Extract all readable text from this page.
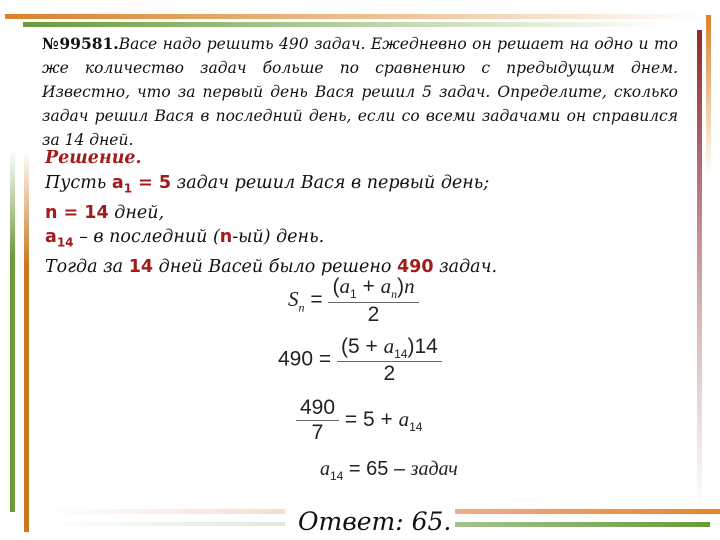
№99581.Васе надо решить 490 задач. Ежедневно он решает на одно и то же количество задач больше по сравнению с предыдущим днем. Известно, что за первый день Вася решил 5 задач. Определите, сколько задач решил Вася в последний день, если со всеми задачами он справился за 14 дней.
Решение.
Пусть $a_1 = 5$ задач решил Вася в первый день;
n = 14 дней,
$a_{14}$ – в последний (n-ый) день.
Тогда за 14 дней Васей было решено 490 задач.
$S_n = \frac{(a_1 + a_n)n}{2}$
$490 = \frac{(5 + a_{14})14}{2}$
$\frac{490}{7} = 5 + a_{14}$
$a_{14} = 65$ – задач
Ответ: 65.
